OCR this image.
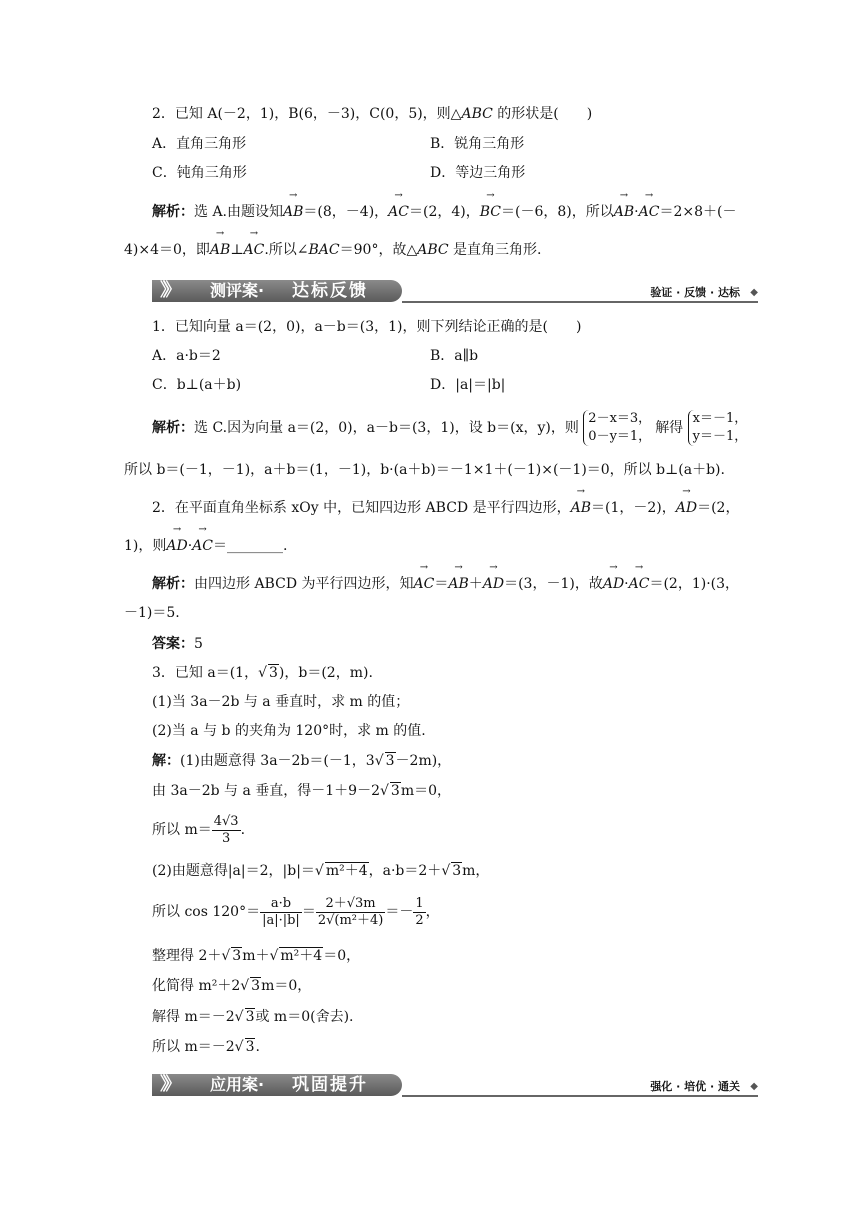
2．已知 A(－2，1)，B(6，－3)，C(0，5)，则△ABC 的形状是(　　)
A．直角三角形	B．锐角三角形
C．钝角三角形	D．等边三角形
解析：选 A.由题设知→ AB＝(8，－4)，→ AC＝(2，4)，→ BC＝(－6，8)，所以→ AB·→ AC＝2×8＋(－
4)×4＝0，即→ AB⊥→ AC.所以∠BAC＝90°，故△ABC 是直角三角形.
》》 测评案· 达标反馈	验证 · 反馈 · 达标 ◆
1．已知向量 a＝(2，0)，a－b＝(3，1)，则下列结论正确的是(　　)
A．a·b＝2	B．a∥b
C．b⊥(a＋b)	D．|a|＝|b|
解析：选 C.因为向量 a＝(2，0)，a－b＝(3，1)，设 b＝(x，y)，则 2－x＝3，
0－y＝1，解得 x＝－1，
y＝－1，
所以 b＝(－1，－1)，a＋b＝(1，－1)，b·(a＋b)＝－1×1＋(－1)×(－1)＝0，所以 b⊥(a＋b).
2．在平面直角坐标系 xOy 中，已知四边形 ABCD 是平行四边形，→ AB＝(1，－2)，→ AD＝(2，
1)，则→ AD·→ AC＝________.
解析：由四边形 ABCD 为平行四边形，知→ AC＝→ AB＋→ AD＝(3，－1)，故→ AD·→ AC＝(2，1)·(3，
－1)＝5.
答案：5
3．已知 a＝(1，√ 3)，b＝(2，m).
(1)当 3a－2b 与 a 垂直时，求 m 的值；
(2)当 a 与 b 的夹角为 120°时，求 m 的值.
解：(1)由题意得 3a－2b＝(－1，3√ 3－2m)，
由 3a－2b 与 a 垂直，得－1＋9－2√ 3m＝0，
所以 $m= \frac{4√3}{3}$ .
(2)由题意得|a|＝2，|b|＝√ m²＋4，a·b＝2＋√ 3m，
所以 $\cos 120^\circ= \frac{a\cdot b}{|a|\cdot|b|} = \frac{2+√3m}{\text{2√(m²＋4)}} =- \frac{1}{2}$ ，
整理得 2＋√ 3m＋√ m²＋4＝0，
化简得 m²＋2√ 3m＝0，
解得 m＝－2√ 3或 m＝0(舍去).
所以 m＝－2√ 3.
》》 应用案· 巩固提升	强化 · 培优 · 通关 ◆
